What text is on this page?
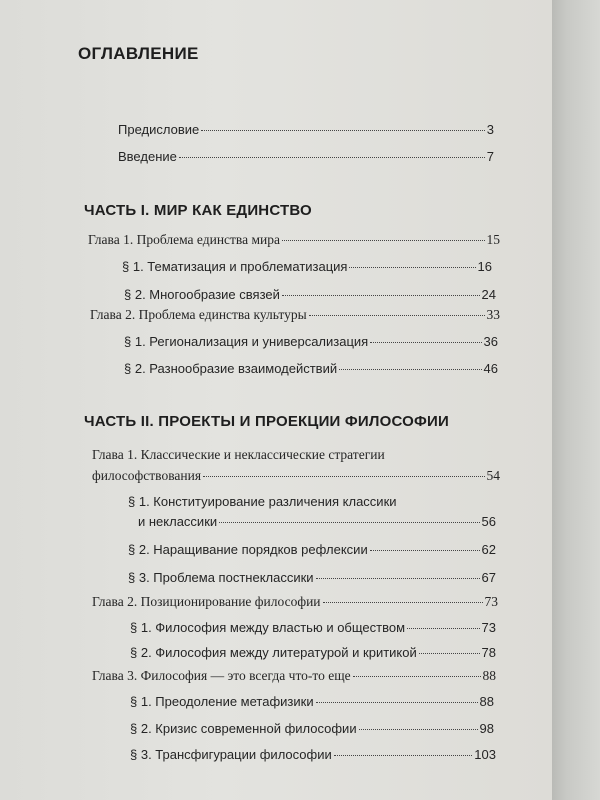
ОГЛАВЛЕНИЕ
Предисловие	3
Введение	7
ЧАСТЬ I. МИР КАК ЕДИНСТВО
Глава 1. Проблема единства мира	15
§ 1. Тематизация и проблематизация	16
§ 2. Многообразие связей	24
Глава 2. Проблема единства культуры	33
§ 1. Регионализация и универсализация	36
§ 2. Разнообразие взаимодействий	46
ЧАСТЬ II. ПРОЕКТЫ И ПРОЕКЦИИ ФИЛОСОФИИ
Глава 1. Классические и неклассические стратегии
философствования	54
§ 1. Конституирование различения классики
и неклассики	56
§ 2. Наращивание порядков рефлексии	62
§ 3. Проблема постнеклассики	67
Глава 2. Позиционирование философии	73
§ 1. Философия между властью и обществом	73
§ 2. Философия между литературой и критикой	78
Глава 3. Философия — это всегда что-то еще	88
§ 1. Преодоление метафизики	88
§ 2. Кризис современной философии	98
§ 3. Трансфигурации философии	103
